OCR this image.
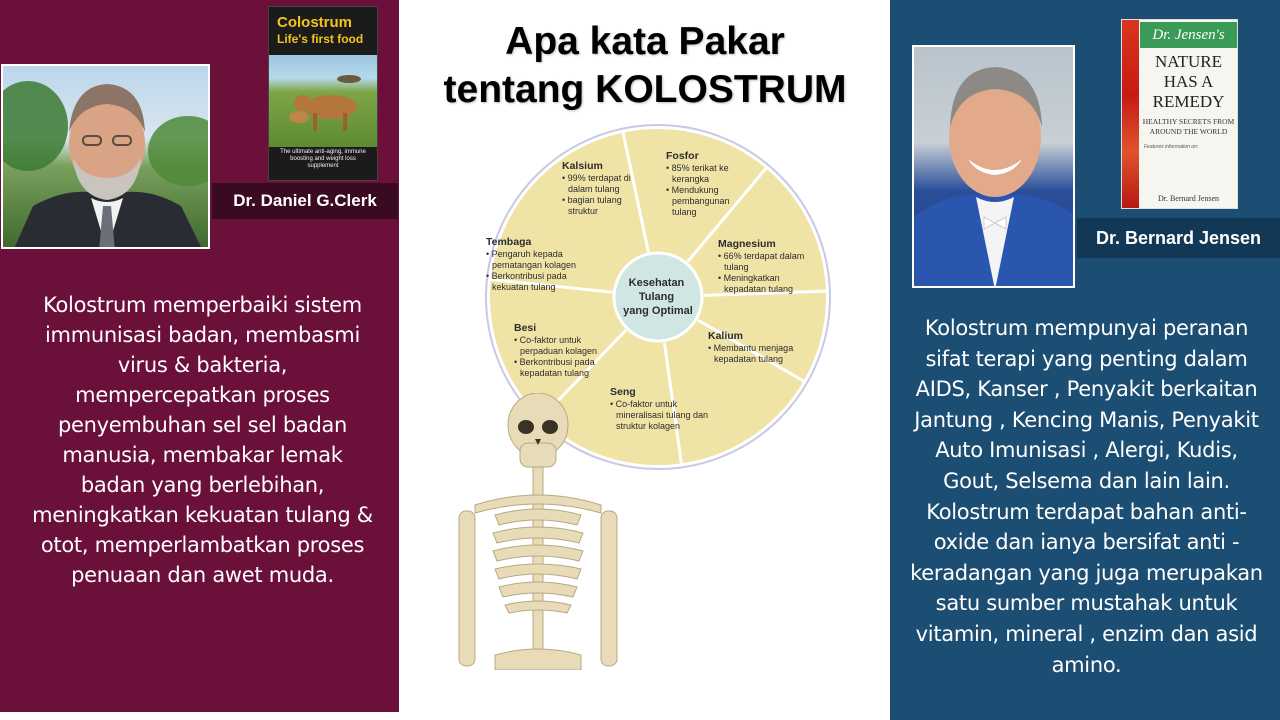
Colostrum
Life's first food
The ultimate anti-aging, immune boosting and weight loss supplement
Dr. Daniel G.Clerk
Kolostrum memperbaiki sistem
immunisasi badan, membasmi
virus & bakteria,
mempercepatkan proses
penyembuhan sel sel badan
manusia, membakar lemak
badan yang berlebihan,
meningkatkan kekuatan tulang &
otot, memperlambatkan proses
penuaan dan awet muda.
Apa kata Pakar
tentang KOLOSTRUM
Kesehatan Tulang yang Optimal
Kalsium
• 99% terdapat di
dalam tulang
• bagian tulang
struktur
Fosfor
• 85% terikat ke
kerangka
• Mendukung
pembangunan
tulang
Magnesium
• 66% terdapat dalam
tulang
• Meningkatkan
kepadatan tulang
Kalium
• Membantu menjaga
kepadatan tulang
Seng
• Co-faktor untuk
mineralisasi tulang dan
struktur kolagen
Besi
• Co-faktor untuk
perpaduan kolagen
• Berkontribusi pada
kepadatan tulang
Tembaga
• Pengaruh kepada
pematangan kolagen
• Berkontribusi pada
kekuatan tulang
Dr. Jensen's
NATURE
HAS A
REMEDY
HEALTHY SECRETS FROM
AROUND THE WORLD
Features information on:
Dr. Bernard Jensen
Dr. Bernard Jensen
Kolostrum mempunyai peranan
sifat terapi yang penting dalam
AIDS, Kanser , Penyakit berkaitan
Jantung , Kencing Manis, Penyakit
Auto Imunisasi , Alergi, Kudis,
Gout, Selsema dan lain lain.
Kolostrum terdapat bahan anti-
oxide dan ianya bersifat anti -
keradangan yang juga merupakan
satu sumber mustahak untuk
vitamin, mineral , enzim dan asid
amino.
